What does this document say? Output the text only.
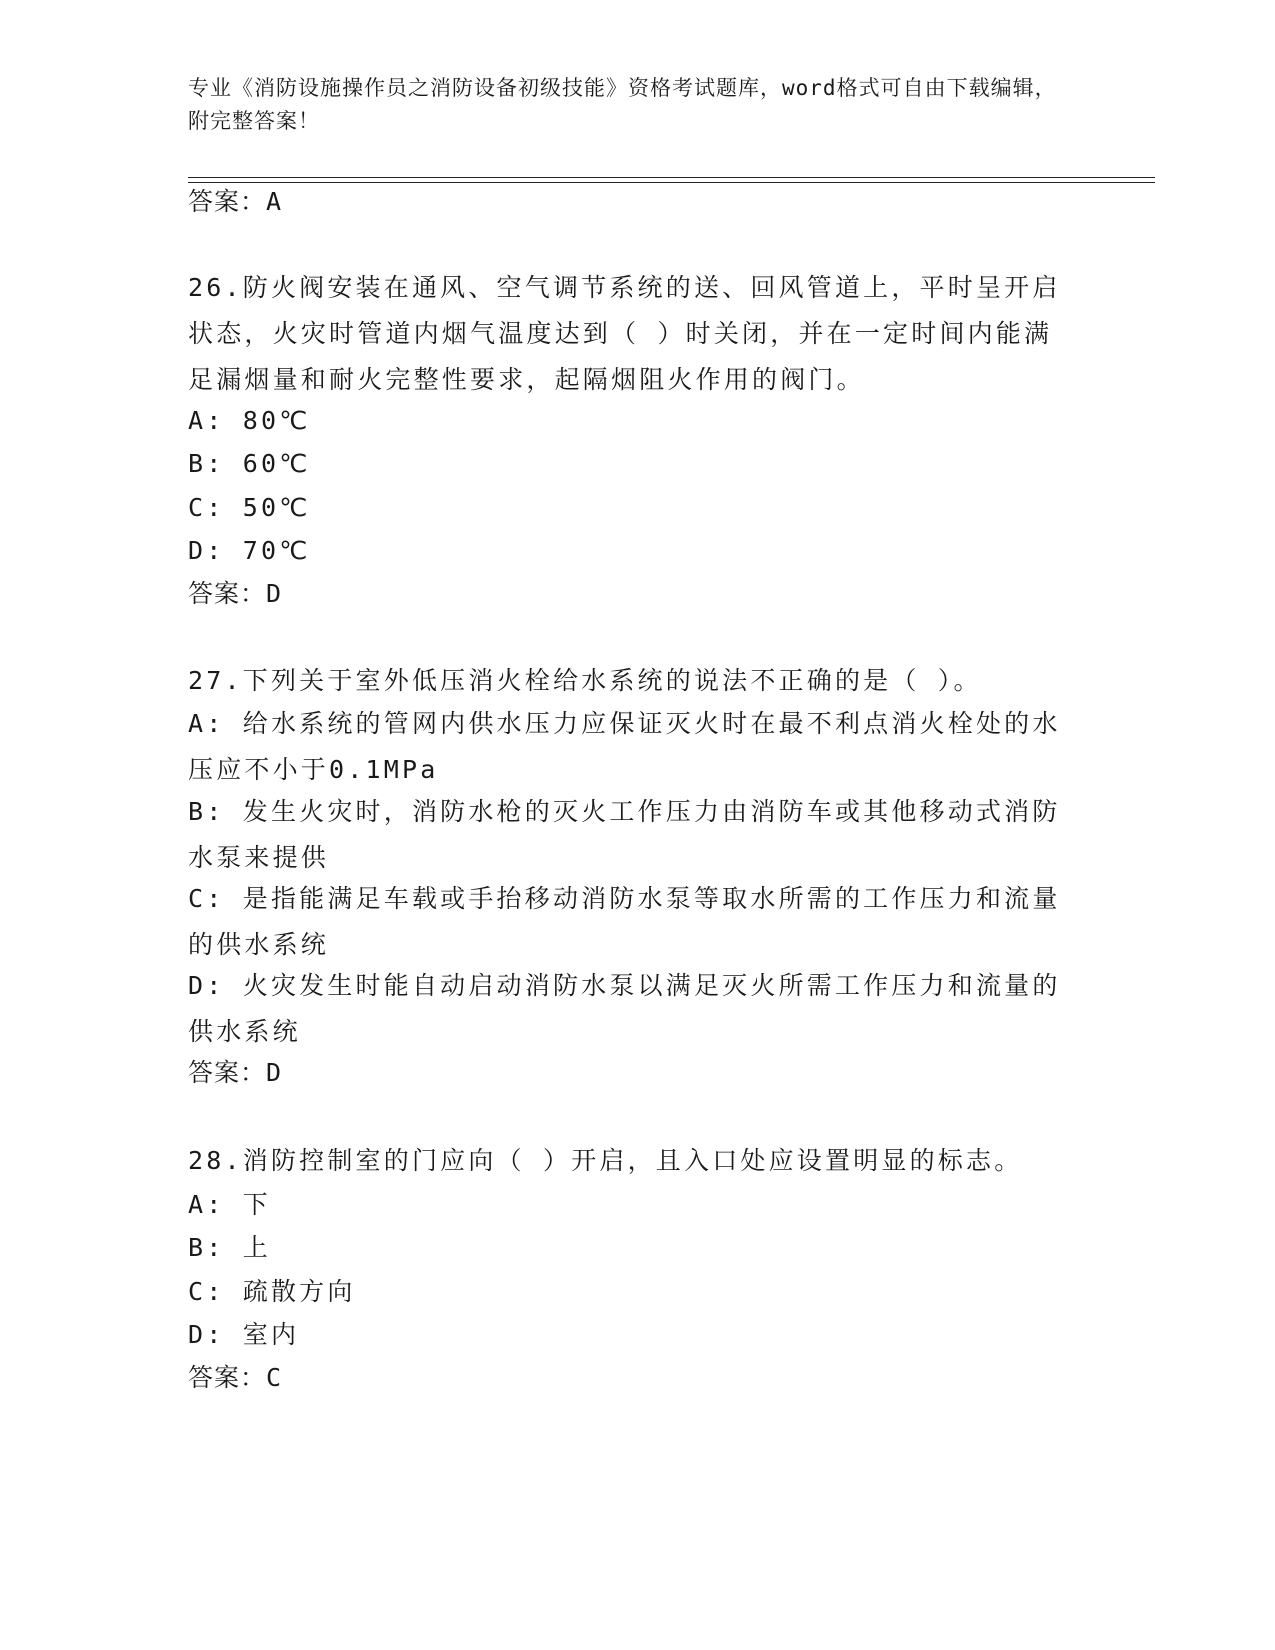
专业《消防设施操作员之消防设备初级技能》资格考试题库，word格式可自由下载编辑，附完整答案！
答案：A
26.防火阀安装在通风、空气调节系统的送、回风管道上，平时呈开启状态，火灾时管道内烟气温度达到（ ）时关闭，并在一定时间内能满足漏烟量和耐火完整性要求，起隔烟阻火作用的阀门。
A: 80℃
B: 60℃
C: 50℃
D: 70℃
答案：D
27.下列关于室外低压消火栓给水系统的说法不正确的是（ ）。
A: 给水系统的管网内供水压力应保证灭火时在最不利点消火栓处的水压应不小于0.1MPa
B: 发生火灾时，消防水枪的灭火工作压力由消防车或其他移动式消防水泵来提供
C: 是指能满足车载或手抬移动消防水泵等取水所需的工作压力和流量的供水系统
D: 火灾发生时能自动启动消防水泵以满足灭火所需工作压力和流量的供水系统
答案：D
28.消防控制室的门应向（ ）开启，且入口处应设置明显的标志。
A: 下
B: 上
C: 疏散方向
D: 室内
答案：C
